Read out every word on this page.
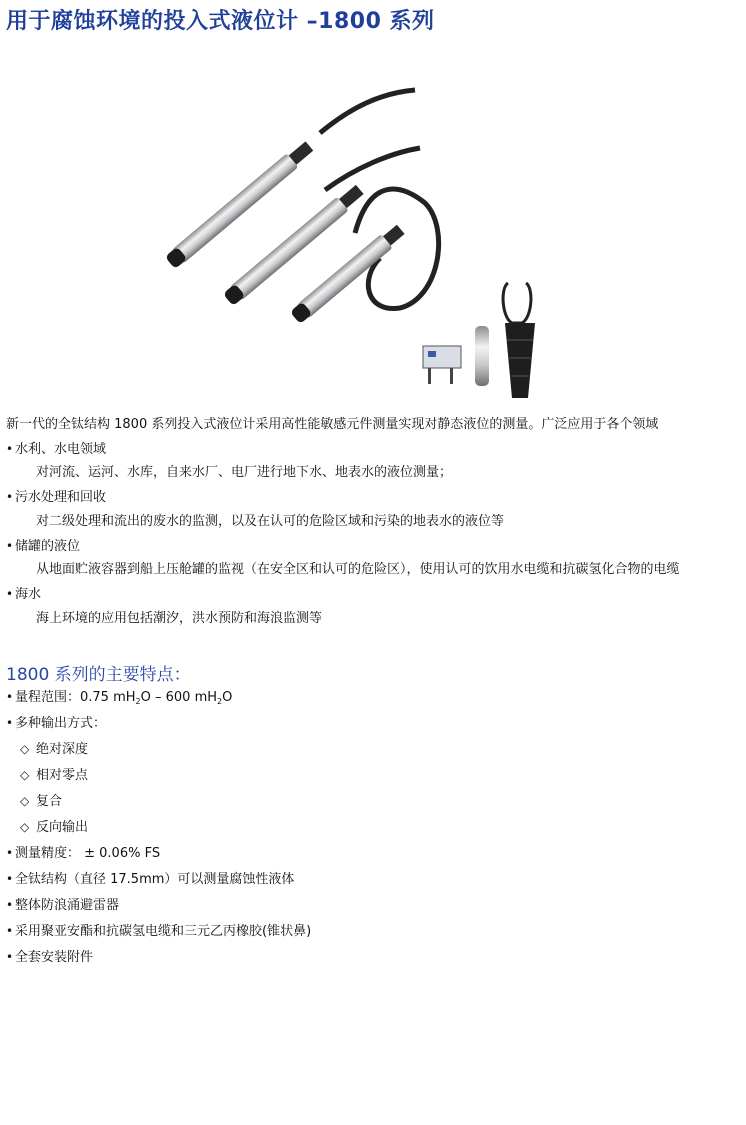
用于腐蚀环境的投入式液位计 –1800 系列
新一代的全钛结构 1800 系列投入式液位计采用高性能敏感元件测量实现对静态液位的测量。广泛应用于各个领域
• 水利、水电领域
对河流、运河、水库，自来水厂、电厂进行地下水、地表水的液位测量；
• 污水处理和回收
对二级处理和流出的废水的监测，以及在认可的危险区域和污染的地表水的液位等
• 储罐的液位
从地面贮液容器到船上压舱罐的监视（在安全区和认可的危险区），使用认可的饮用水电缆和抗碳氢化合物的电缆
• 海水
海上环境的应用包括潮汐，洪水预防和海浪监测等
1800 系列的主要特点：
• 量程范围：0.75 $mH_2O - 600$ $mH_2O$
• 多种输出方式：
◇ 绝对深度
◇ 相对零点
◇ 复合
◇ 反向输出
• 测量精度： ± 0.06% FS
• 全钛结构（直径 17.5mm）可以测量腐蚀性液体
• 整体防浪涌避雷器
• 采用聚亚安酯和抗碳氢电缆和三元乙丙橡胶(锥状鼻)
• 全套安装附件
